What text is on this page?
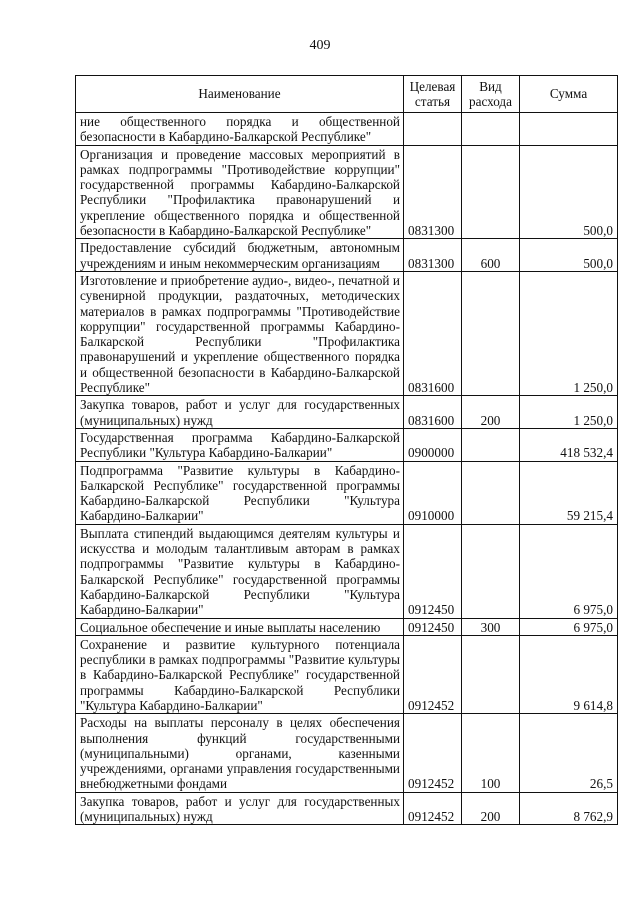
409
Наименование	Целевая статья	Вид расхода	Сумма
ние общественного порядка и общественной безопасности в Кабардино-Балкарской Республике"			
Организация и проведение массовых мероприятий в рамках подпрограммы "Противодействие коррупции" государственной программы Кабардино-Балкарской Республики "Профилактика правонарушений и укрепление общественного порядка и общественной безопасности в Кабардино-Балкарской Республике"	0831300		500,0
Предоставление субсидий бюджетным, автономным учреждениям и иным некоммерческим организациям	0831300	600	500,0
Изготовление и приобретение аудио-, видео-, печатной и сувенирной продукции, раздаточных, методических материалов в рамках подпрограммы "Противодействие коррупции" государственной программы Кабардино-Балкарской Республики "Профилактика правонарушений и укрепление общественного порядка и общественной безопасности в Кабардино-Балкарской Республике"	0831600		1 250,0
Закупка товаров, работ и услуг для государственных (муниципальных) нужд	0831600	200	1 250,0
Государственная программа Кабардино-Балкарской Республики "Культура Кабардино-Балкарии"	0900000		418 532,4
Подпрограмма "Развитие культуры в Кабардино-Балкарской Республике" государственной программы Кабардино-Балкарской Республики "Культура Кабардино-Балкарии"	0910000		59 215,4
Выплата стипендий выдающимся деятелям культуры и искусства и молодым талантливым авторам в рамках подпрограммы "Развитие культуры в Кабардино-Балкарской Республике" государственной программы Кабардино-Балкарской Республики "Культура Кабардино-Балкарии"	0912450		6 975,0
Социальное обеспечение и иные выплаты населению	0912450	300	6 975,0
Сохранение и развитие культурного потенциала республики в рамках подпрограммы "Развитие культуры в Кабардино-Балкарской Республике" государственной программы Кабардино-Балкарской Республики "Культура Кабардино-Балкарии"	0912452		9 614,8
Расходы на выплаты персоналу в целях обеспечения выполнения функций государственными (муниципальными) органами, казенными учреждениями, органами управления государственными внебюджетными фондами	0912452	100	26,5
Закупка товаров, работ и услуг для государственных (муниципальных) нужд	0912452	200	8 762,9
